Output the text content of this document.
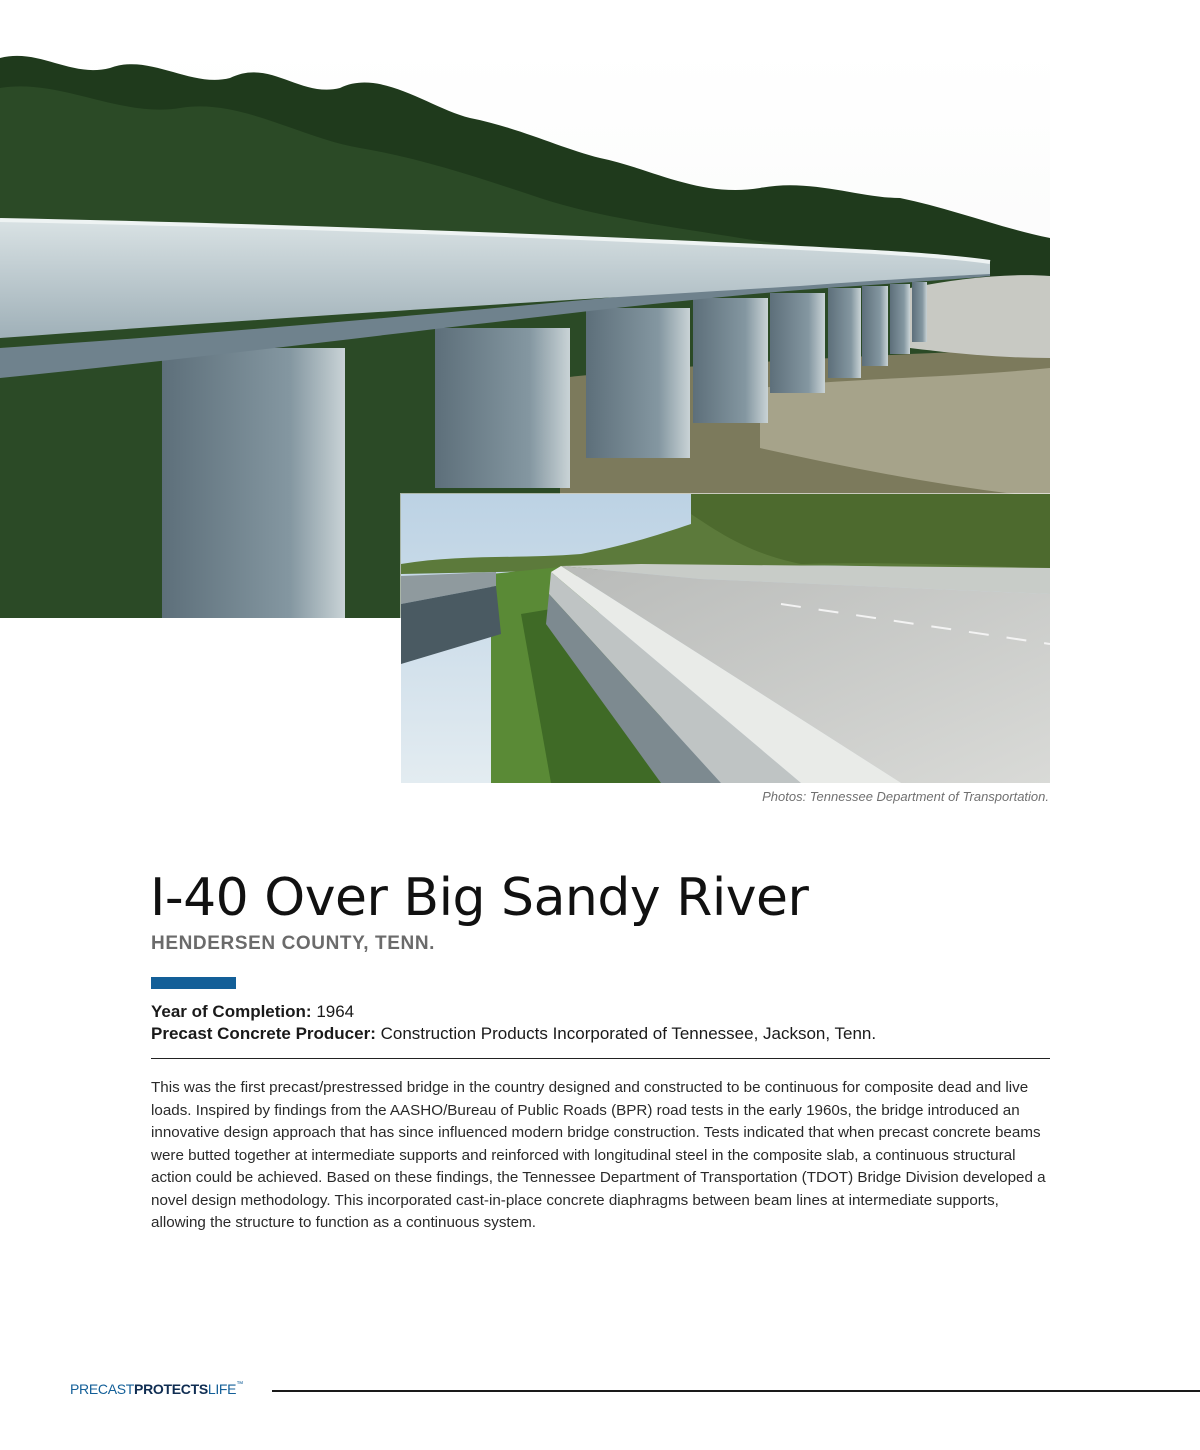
Photos: Tennessee Department of Transportation.
I-40 Over Big Sandy River
HENDERSEN COUNTY, TENN.
Year of Completion: 1964
Precast Concrete Producer: Construction Products Incorporated of Tennessee, Jackson, Tenn.

This was the first precast/prestressed bridge in the country designed and constructed to be continuous for composite dead and live loads. Inspired by findings from the AASHO/Bureau of Public Roads (BPR) road tests in the early 1960s, the bridge introduced an innovative design approach that has since influenced modern bridge construction. Tests indicated that when precast concrete beams were butted together at intermediate supports and reinforced with longitudinal steel in the composite slab, a continuous structural action could be achieved. Based on these findings, the Tennessee Department of Transportation (TDOT) Bridge Division developed a novel design methodology. This incorporated cast-in-place concrete diaphragms between beam lines at intermediate supports, allowing the structure to function as a continuous system.

PRECASTPROTECTSLIFE™
